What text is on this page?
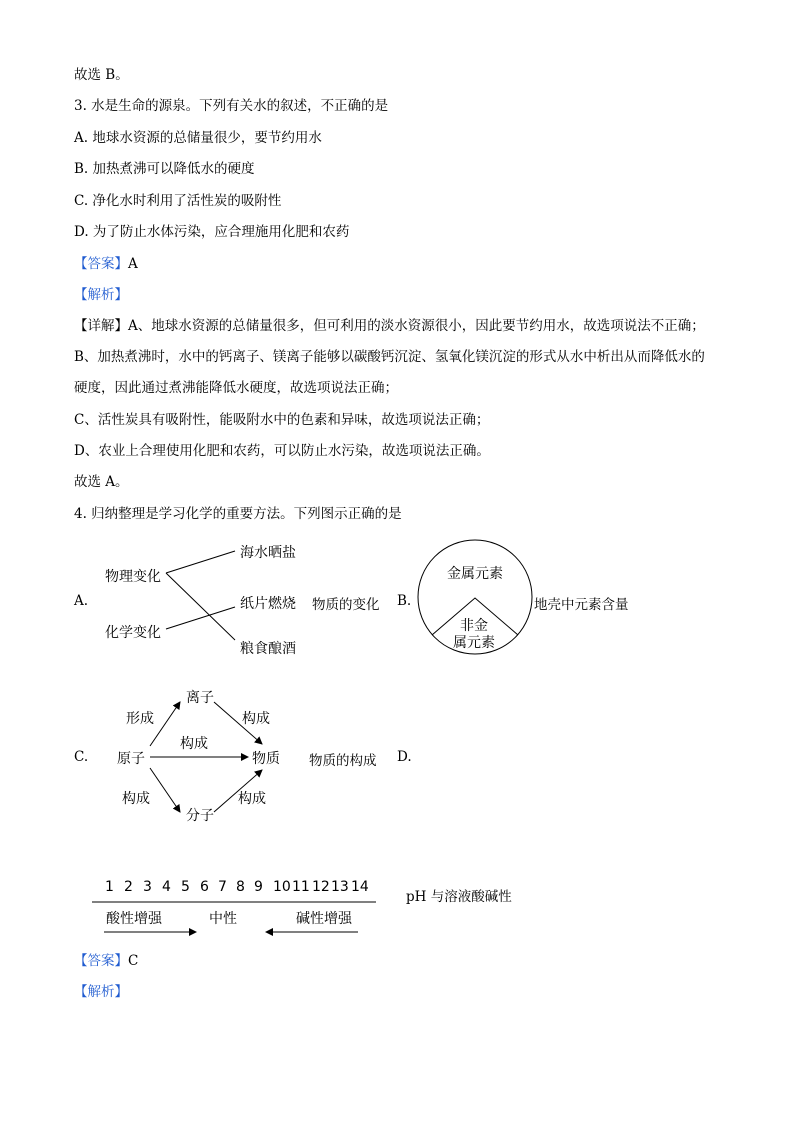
故选 B。
3. 水是生命的源泉。下列有关水的叙述，不正确的是
A. 地球水资源的总储量很少，要节约用水
B. 加热煮沸可以降低水的硬度
C. 净化水时利用了活性炭的吸附性
D. 为了防止水体污染，应合理施用化肥和农药
【答案】A
【解析】
【详解】A、地球水资源的总储量很多，但可利用的淡水资源很小，因此要节约用水，故选项说法不正确；
B、加热煮沸时，水中的钙离子、镁离子能够以碳酸钙沉淀、氢氧化镁沉淀的形式从水中析出从而降低水的
硬度，因此通过煮沸能降低水硬度，故选项说法正确；
C、活性炭具有吸附性，能吸附水中的色素和异味，故选项说法正确；
D、农业上合理使用化肥和农药，可以防止水污染，故选项说法正确。
故选 A。
4. 归纳整理是学习化学的重要方法。下列图示正确的是
A.
物理变化
化学变化
海水晒盐
纸片燃烧
粮食酿酒
物质的变化 B.
金属元素
非金
属元素
地壳中元素含量
C. 原子
离子
分子
物质
形成	构成
构成
构成	构成
物质的构成 D.
1 2 3 4 5 6 7 8 9 10 11 12 13 14
酸性增强	中性	碱性增强
pH 与溶液酸碱性
【答案】C
【解析】
